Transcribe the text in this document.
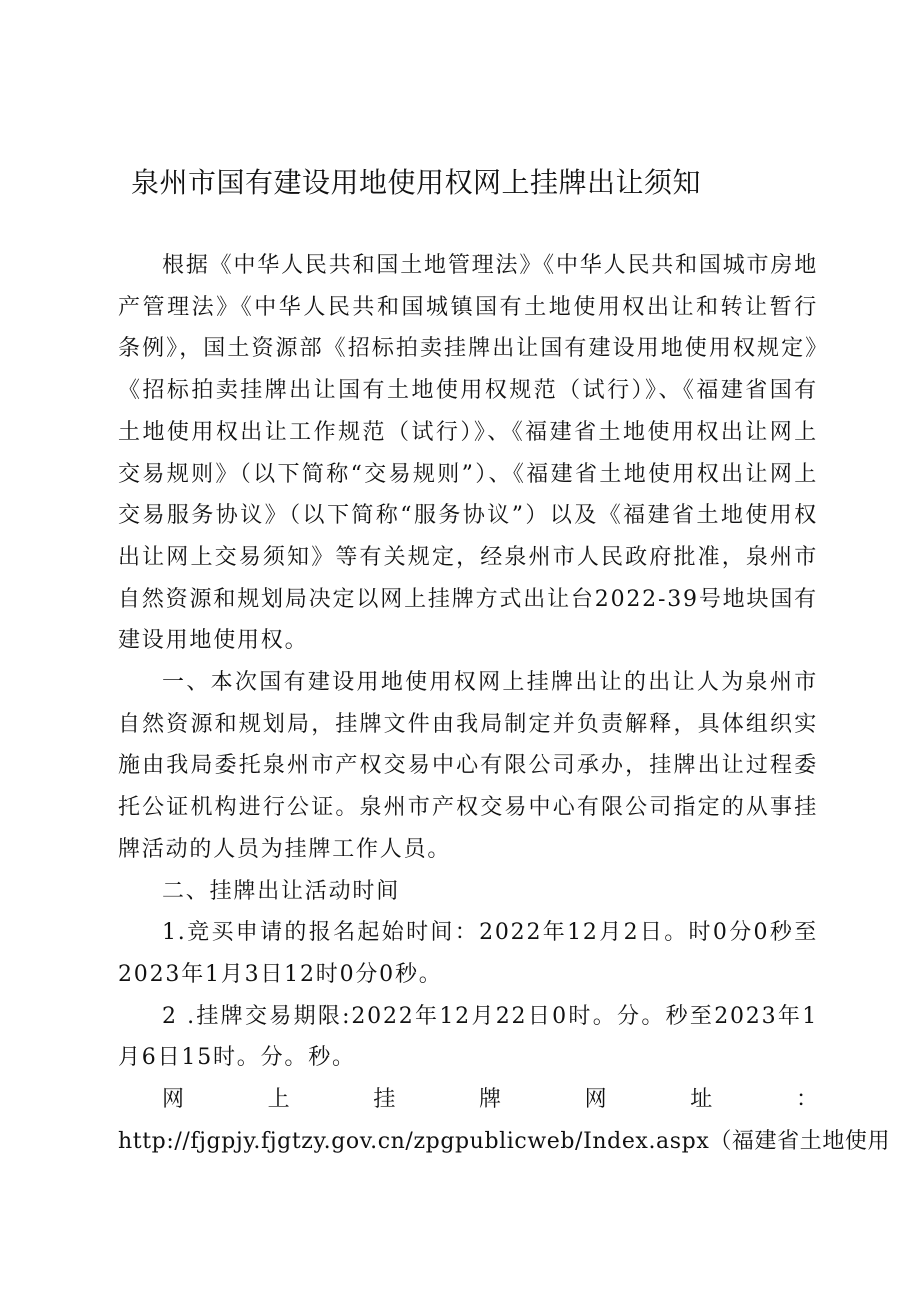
泉州市国有建设用地使用权网上挂牌出让须知

根据《中华人民共和国土地管理法》《中华人民共和国城市房地产管理法》《中华人民共和国城镇国有土地使用权出让和转让暂行条例》，国土资源部《招标拍卖挂牌出让国有建设用地使用权规定》《招标拍卖挂牌出让国有土地使用权规范（试行）》、《福建省国有土地使用权出让工作规范（试行）》、《福建省土地使用权出让网上交易规则》（以下简称“交易规则”）、《福建省土地使用权出让网上交易服务协议》（以下简称“服务协议”）以及《福建省土地使用权出让网上交易须知》等有关规定，经泉州市人民政府批准，泉州市自然资源和规划局决定以网上挂牌方式出让台2022-39号地块国有建设用地使用权。

一、本次国有建设用地使用权网上挂牌出让的出让人为泉州市自然资源和规划局，挂牌文件由我局制定并负责解释，具体组织实施由我局委托泉州市产权交易中心有限公司承办，挂牌出让过程委托公证机构进行公证。泉州市产权交易中心有限公司指定的从事挂牌活动的人员为挂牌工作人员。

二、挂牌出让活动时间

1.竞买申请的报名起始时间：2022年12月2日。时0分0秒至2023年1月3日12时0分0秒。

2 .挂牌交易期限:2022年12月22日0时。分。秒至2023年1月6日15时。分。秒。

网	上	挂	牌	网	址	：

http://fjgpjy.fjgtzy.gov.cn/zpgpublicweb/Index.aspx（福建省土地使用
